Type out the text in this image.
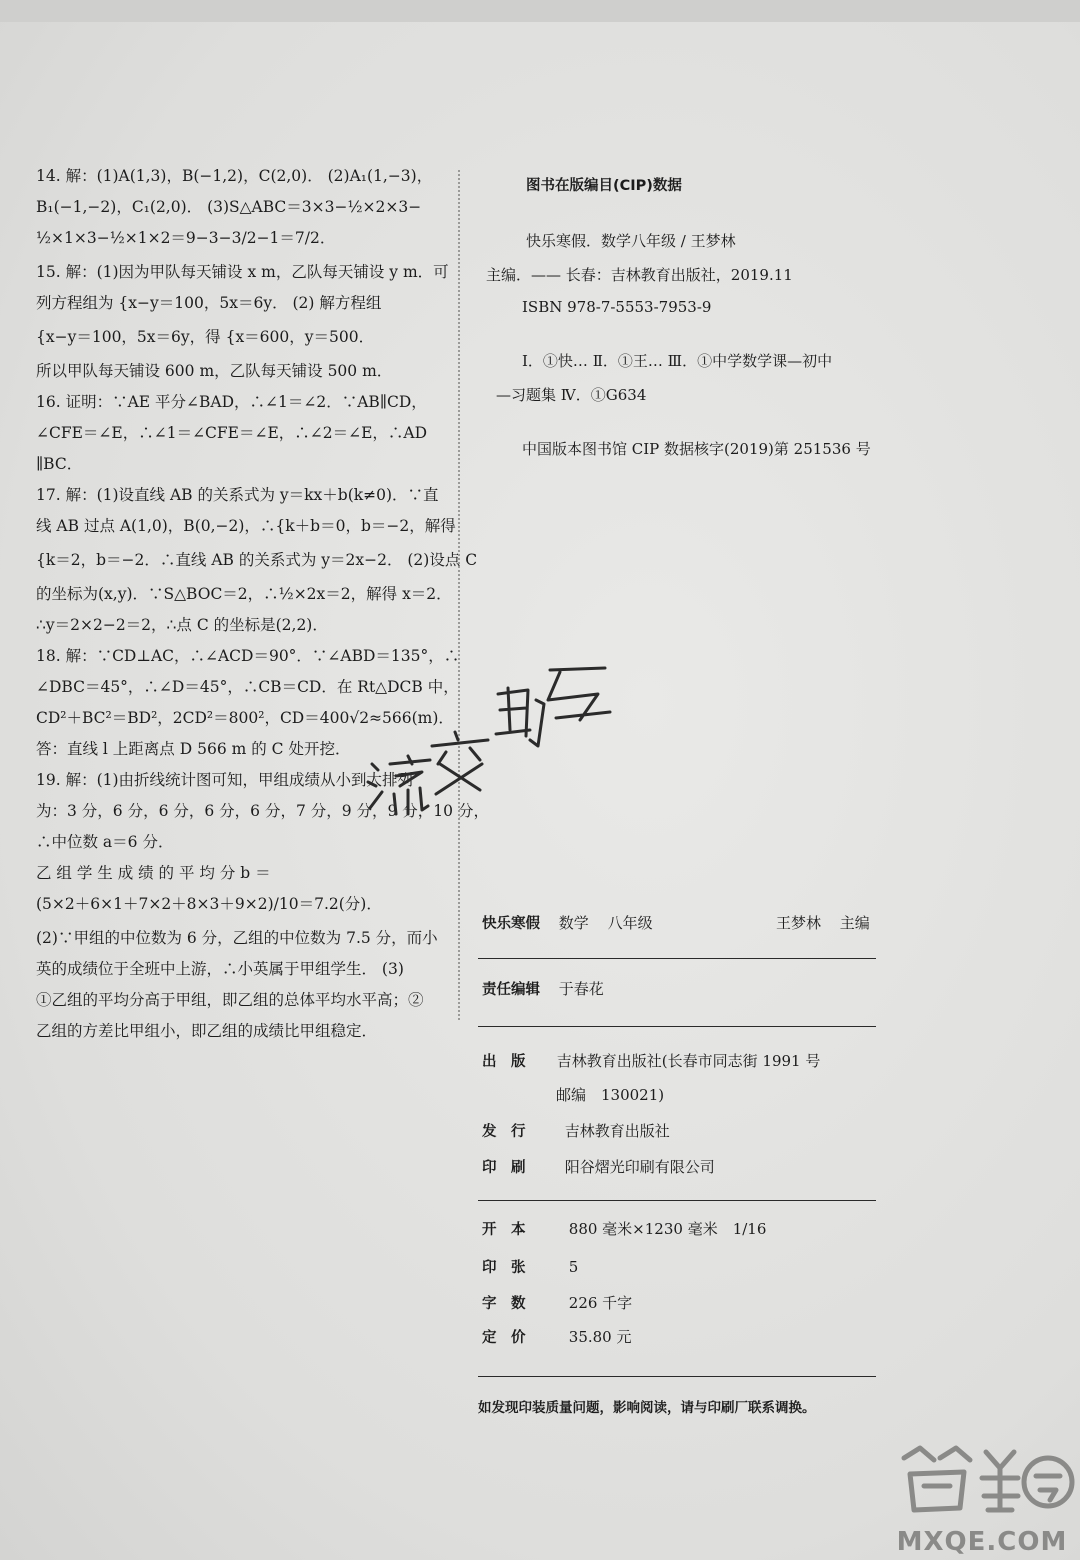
14. 解：(1)A(1,3)，B(−1,2)，C(2,0)． (2)A₁(1,−3)，
B₁(−1,−2)，C₁(2,0)． (3)S△ABC＝3×3−½×2×3−
½×1×3−½×1×2＝9−3−3/2−1＝7/2．
15. 解：(1)因为甲队每天铺设 x m，乙队每天铺设 y m．可
列方程组为 {x−y＝100，5x＝6y． (2) 解方程组
{x−y＝100，5x＝6y，得 {x＝600，y＝500．
所以甲队每天铺设 600 m，乙队每天铺设 500 m．
16. 证明：∵AE 平分∠BAD，∴∠1＝∠2．∵AB∥CD，
∠CFE＝∠E，∴∠1＝∠CFE＝∠E，∴∠2＝∠E，∴AD
∥BC．
17. 解：(1)设直线 AB 的关系式为 y＝kx＋b(k≠0)．∵直
线 AB 过点 A(1,0)，B(0,−2)，∴{k＋b＝0，b＝−2，解得
{k＝2，b＝−2．∴直线 AB 的关系式为 y＝2x−2． (2)设点 C
的坐标为(x,y)．∵S△BOC＝2，∴½×2x＝2，解得 x＝2．
∴y＝2×2−2＝2，∴点 C 的坐标是(2,2)．
18. 解：∵CD⊥AC，∴∠ACD＝90°．∵∠ABD＝135°，∴
∠DBC＝45°，∴∠D＝45°，∴CB＝CD．在 Rt△DCB 中，
CD²＋BC²＝BD²，2CD²＝800²，CD＝400√2≈566(m)．
答：直线 l 上距离点 D 566 m 的 C 处开挖．
19. 解：(1)由折线统计图可知，甲组成绩从小到大排列
为：3 分，6 分，6 分，6 分，6 分，7 分，9 分，9 分，10 分，
∴中位数 a＝6 分．
乙 组 学 生 成 绩 的 平 均 分 b ＝
(5×2＋6×1＋7×2＋8×3＋9×2)/10＝7.2(分)．
(2)∵甲组的中位数为 6 分，乙组的中位数为 7.5 分，而小
英的成绩位于全班中上游，∴小英属于甲组学生． (3)
①乙组的平均分高于甲组，即乙组的总体平均水平高；②
乙组的方差比甲组小，即乙组的成绩比甲组稳定．
图书在版编目(CIP)数据
快乐寒假．数学八年级 / 王梦林
主编．—— 长春：吉林教育出版社，2019.11
ISBN 978-7-5553-7953-9
Ⅰ．①快… Ⅱ．①王… Ⅲ．①中学数学课—初中
—习题集 Ⅳ．①G634
中国版本图书馆 CIP 数据核字(2019)第 251536 号
快乐寒假 数学 八年级	王梦林 主编
责任编辑 于春花
出　版 吉林教育出版社(长春市同志街 1991 号
邮编　130021)
发　行	吉林教育出版社
印　刷	阳谷熠光印刷有限公司
开　本	880 毫米×1230 毫米　1/16
印　张	5
字　数	226 千字
定　价	35.80 元
如发现印装质量问题，影响阅读，请与印刷厂联系调换。
MXQE.COM
